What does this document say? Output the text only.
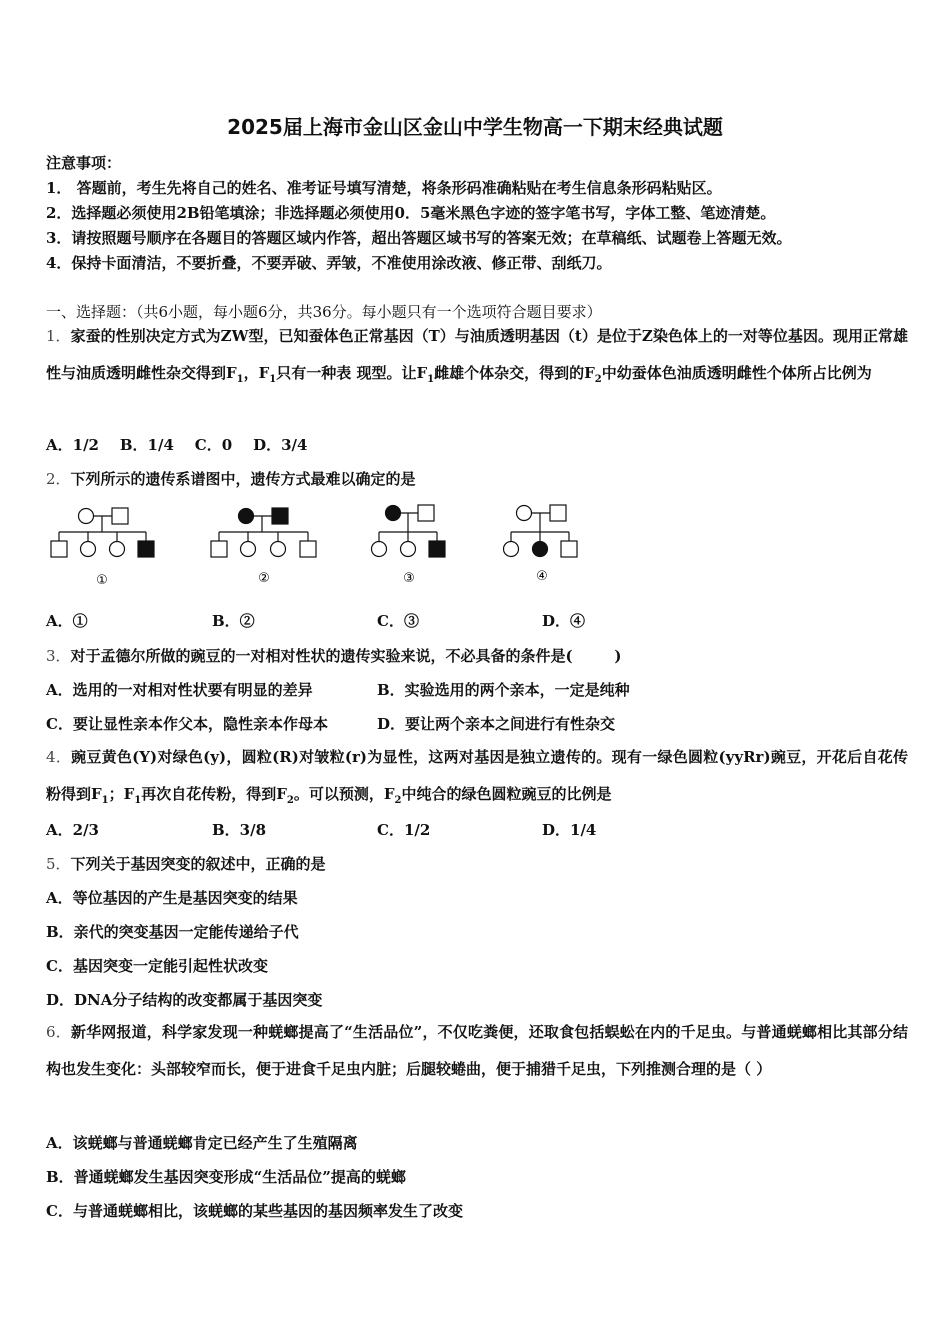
2025届上海市金山区金山中学生物高一下期末经典试题
注意事项：
1． 答题前，考生先将自己的姓名、准考证号填写清楚，将条形码准确粘贴在考生信息条形码粘贴区。
2．选择题必须使用2B铅笔填涂；非选择题必须使用0．5毫米黑色字迹的签字笔书写，字体工整、笔迹清楚。
3．请按照题号顺序在各题目的答题区域内作答，超出答题区域书写的答案无效；在草稿纸、试题卷上答题无效。
4．保持卡面清洁，不要折叠，不要弄破、弄皱，不准使用涂改液、修正带、刮纸刀。
一、选择题：（共6小题，每小题6分，共36分。每小题只有一个选项符合题目要求）
1．家蚕的性别决定方式为ZW型，已知蚕体色正常基因（T）与油质透明基因（t）是位于Z染色体上的一对等位基因。现用正常雄性与油质透明雌性杂交得到$F_1$，$F_1$只有一种表 现型。让$F_1$雌雄个体杂交，得到的$F_2$中幼蚕体色油质透明雌性个体所占比例为
A．1/2    B．1/4    C．0    D．3/4
2．下列所示的遗传系谱图中，遗传方式最难以确定的是
①	②	③	④
A．①	B．②	C．③	D．④
3．对于孟德尔所做的豌豆的一对相对性状的遗传实验来说，不必具备的条件是(        )
A．选用的一对相对性状要有明显的差异	B．实验选用的两个亲本，一定是纯种
C．要让显性亲本作父本，隐性亲本作母本	D．要让两个亲本之间进行有性杂交
4．豌豆黄色(Y)对绿色(y)，圆粒(R)对皱粒(r)为显性，这两对基因是独立遗传的。现有一绿色圆粒(yyRr)豌豆，开花后自花传粉得到$F_1$；$F_1$再次自花传粉，得到$F_2$。可以预测，$F_2$中纯合的绿色圆粒豌豆的比例是
A．2/3	B．3/8	C．1/2	D．1/4
5．下列关于基因突变的叙述中，正确的是
A．等位基因的产生是基因突变的结果
B．亲代的突变基因一定能传递给子代
C．基因突变一定能引起性状改变
D．DNA分子结构的改变都属于基因突变
6．新华网报道，科学家发现一种蜣螂提高了“生活品位”，不仅吃粪便，还取食包括蜈蚣在内的千足虫。与普通蜣螂相比其部分结构也发生变化：头部较窄而长，便于进食千足虫内脏；后腿较蜷曲，便于捕猎千足虫，下列推测合理的是（ ）
A．该蜣螂与普通蜣螂肯定已经产生了生殖隔离
B．普通蜣螂发生基因突变形成“生活品位”提高的蜣螂
C．与普通蜣螂相比，该蜣螂的某些基因的基因频率发生了改变
